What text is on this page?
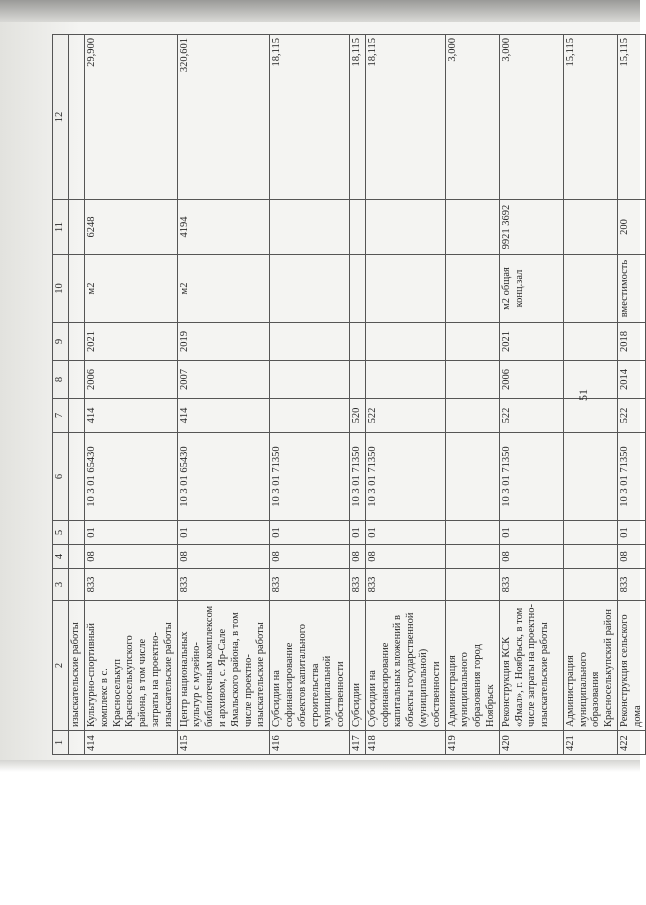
1	2	3	4	5	6	7	8	9	10	11	12
	изыскательские работы										
414	Культурно-спортивный комплекс в с. Красноселькуп Красноселькупского района, в том числе затраты на проектно-изыскательские работы	833	08	01	10 3 01 65430	414	2006	2021	м2	6248	29,900
415	Центр национальных культур с музейно-библиотечным комплексом и архивом, с. Яр-Сале Ямальского района, в том числе проектно-изыскательские работы	833	08	01	10 3 01 65430	414	2007	2019	м2	4194	320,601
416	Субсидии на софинансирование объектов капитального строительства муниципальной собственности	833	08	01	10 3 01 71350						18,115
417	Субсидии	833	08	01	10 3 01 71350	520					18,115
418	Субсидии на софинансирование капитальных вложений в объекты государственной (муниципальной) собственности	833	08	01	10 3 01 71350	522					18,115
419	Администрация муниципального образования город Ноябрьск										3,000
420	Реконструкция КСК «Ямал», г. Ноябрьск, в том числе затраты на проектно-изыскательские работы	833	08	01	10 3 01 71350	522	2006	2021	м2 общая конц.зал	9921 3692	3,000
421	Администрация муниципального образования Красноселькупский район										15,115
422	Реконструкция сельского дома	833	08	01	10 3 01 71350	522	2014	2018	вместимость	200	15,115
51
